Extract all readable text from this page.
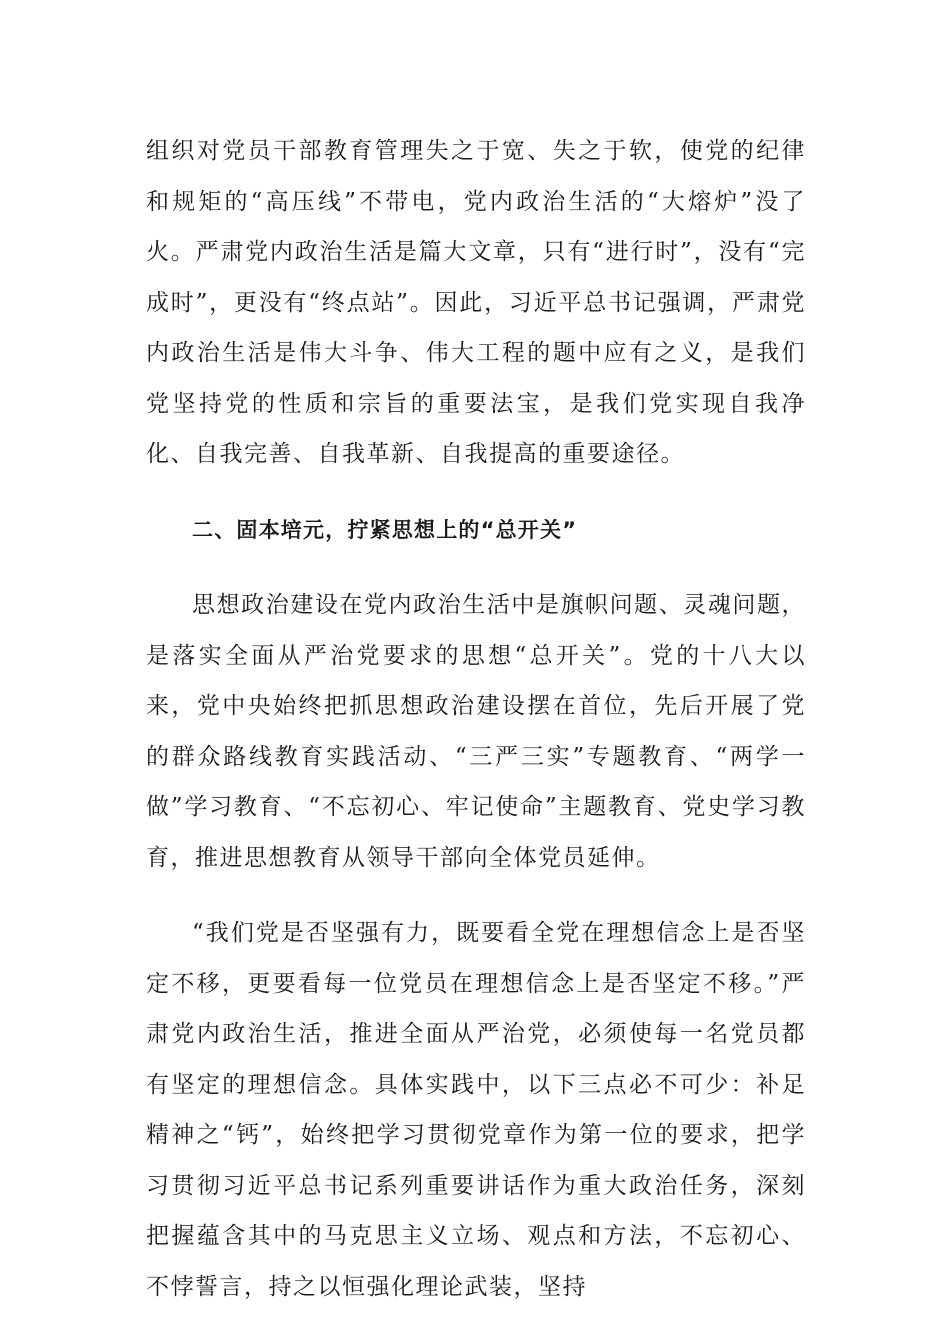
组织对党员干部教育管理失之于宽、失之于软，使党的纪律和规矩的“高压线”不带电，党内政治生活的“大熔炉”没了火。严肃党内政治生活是篇大文章，只有“进行时”，没有“完成时”，更没有“终点站”。因此，习近平总书记强调，严肃党内政治生活是伟大斗争、伟大工程的题中应有之义，是我们党坚持党的性质和宗旨的重要法宝，是我们党实现自我净化、自我完善、自我革新、自我提高的重要途径。

二、固本培元，拧紧思想上的“总开关”

思想政治建设在党内政治生活中是旗帜问题、灵魂问题，是落实全面从严治党要求的思想“总开关”。党的十八大以来，党中央始终把抓思想政治建设摆在首位，先后开展了党的群众路线教育实践活动、“三严三实”专题教育、“两学一做”学习教育、“不忘初心、牢记使命”主题教育、党史学习教育，推进思想教育从领导干部向全体党员延伸。

“我们党是否坚强有力，既要看全党在理想信念上是否坚定不移，更要看每一位党员在理想信念上是否坚定不移。”严肃党内政治生活，推进全面从严治党，必须使每一名党员都有坚定的理想信念。具体实践中，以下三点必不可少：补足精神之“钙”，始终把学习贯彻党章作为第一位的要求，把学习贯彻习近平总书记系列重要讲话作为重大政治任务，深刻把握蕴含其中的马克思主义立场、观点和方法，不忘初心、不悖誓言，持之以恒强化理论武装，坚持
